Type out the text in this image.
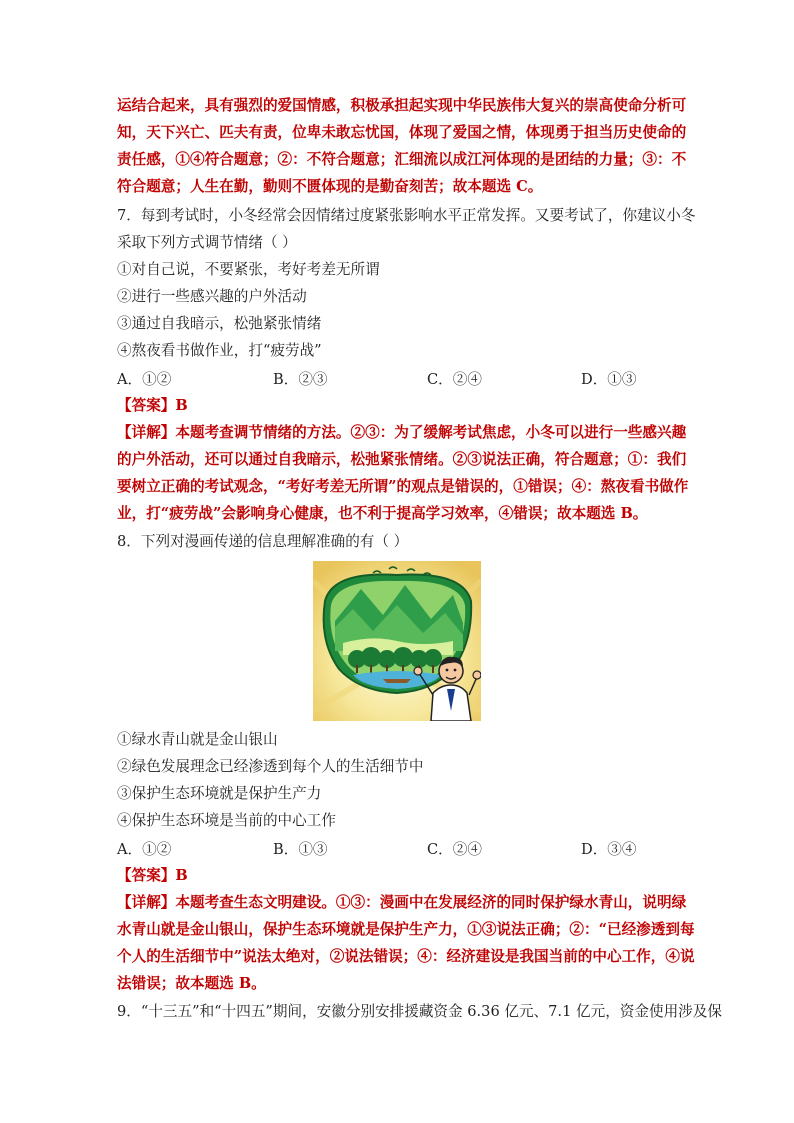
运结合起来，具有强烈的爱国情感，积极承担起实现中华民族伟大复兴的崇高使命分析可
知，天下兴亡、匹夫有责，位卑未敢忘忧国，体现了爱国之情，体现勇于担当历史使命的
责任感，①④符合题意；②：不符合题意；汇细流以成江河体现的是团结的力量；③：不
符合题意；人生在勤，勤则不匮体现的是勤奋刻苦；故本题选 C。
7．每到考试时，小冬经常会因情绪过度紧张影响水平正常发挥。又要考试了，你建议小冬
采取下列方式调节情绪（ ）
①对自己说，不要紧张，考好考差无所谓
②进行一些感兴趣的户外活动
③通过自我暗示，松弛紧张情绪
④熬夜看书做作业，打“疲劳战”
A．①②	B．②③	C．②④	D．①③
【答案】B
【详解】本题考查调节情绪的方法。②③：为了缓解考试焦虑，小冬可以进行一些感兴趣
的户外活动，还可以通过自我暗示，松弛紧张情绪。②③说法正确，符合题意；①：我们
要树立正确的考试观念，“考好考差无所谓”的观点是错误的，①错误；④：熬夜看书做作
业，打“疲劳战”会影响身心健康，也不利于提高学习效率，④错误；故本题选 B。
8．下列对漫画传递的信息理解准确的有（ ）
①绿水青山就是金山银山
②绿色发展理念已经渗透到每个人的生活细节中
③保护生态环境就是保护生产力
④保护生态环境是当前的中心工作
A．①②	B．①③	C．②④	D．③④
【答案】B
【详解】本题考查生态文明建设。①③：漫画中在发展经济的同时保护绿水青山，说明绿
水青山就是金山银山，保护生态环境就是保护生产力，①③说法正确；②：“已经渗透到每
个人的生活细节中”说法太绝对，②说法错误；④：经济建设是我国当前的中心工作，④说
法错误；故本题选 B。
9．“十三五”和“十四五”期间，安徽分别安排援藏资金 6.36 亿元、7.1 亿元，资金使用涉及保
